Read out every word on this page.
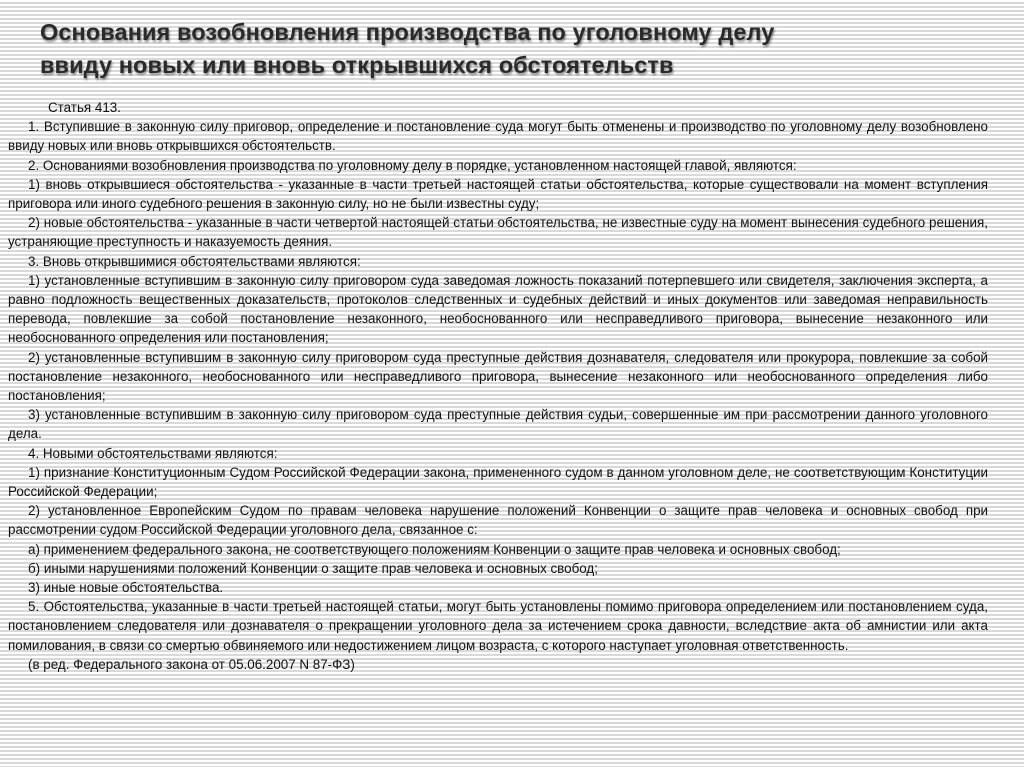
Основания возобновления производства по уголовному делу
ввиду новых или вновь открывшихся обстоятельств

Статья 413.

1. Вступившие в законную силу приговор, определение и постановление суда могут быть отменены и производство по уголовному делу возобновлено ввиду новых или вновь открывшихся обстоятельств.

2. Основаниями возобновления производства по уголовному делу в порядке, установленном настоящей главой, являются:

1) вновь открывшиеся обстоятельства - указанные в части третьей настоящей статьи обстоятельства, которые существовали на момент вступления приговора или иного судебного решения в законную силу, но не были известны суду;

2) новые обстоятельства - указанные в части четвертой настоящей статьи обстоятельства, не известные суду на момент вынесения судебного решения, устраняющие преступность и наказуемость деяния.

3. Вновь открывшимися обстоятельствами являются:

1) установленные вступившим в законную силу приговором суда заведомая ложность показаний потерпевшего или свидетеля, заключения эксперта, а равно подложность вещественных доказательств, протоколов следственных и судебных действий и иных документов или заведомая неправильность перевода, повлекшие за собой постановление незаконного, необоснованного или несправедливого приговора, вынесение незаконного или необоснованного определения или постановления;

2) установленные вступившим в законную силу приговором суда преступные действия дознавателя, следователя или прокурора, повлекшие за собой постановление незаконного, необоснованного или несправедливого приговора, вынесение незаконного или необоснованного определения либо постановления;

3) установленные вступившим в законную силу приговором суда преступные действия судьи, совершенные им при рассмотрении данного уголовного дела.

4. Новыми обстоятельствами являются:

1) признание Конституционным Судом Российской Федерации закона, примененного судом в данном уголовном деле, не соответствующим Конституции Российской Федерации;

2) установленное Европейским Судом по правам человека нарушение положений Конвенции о защите прав человека и основных свобод при рассмотрении судом Российской Федерации уголовного дела, связанное с:

а) применением федерального закона, не соответствующего положениям Конвенции о защите прав человека и основных свобод;

б) иными нарушениями положений Конвенции о защите прав человека и основных свобод;

3) иные новые обстоятельства.

5. Обстоятельства, указанные в части третьей настоящей статьи, могут быть установлены помимо приговора определением или постановлением суда, постановлением следователя или дознавателя о прекращении уголовного дела за истечением срока давности, вследствие акта об амнистии или акта помилования, в связи со смертью обвиняемого или недостижением лицом возраста, с которого наступает уголовная ответственность.

(в ред. Федерального закона от 05.06.2007 N 87-ФЗ)
